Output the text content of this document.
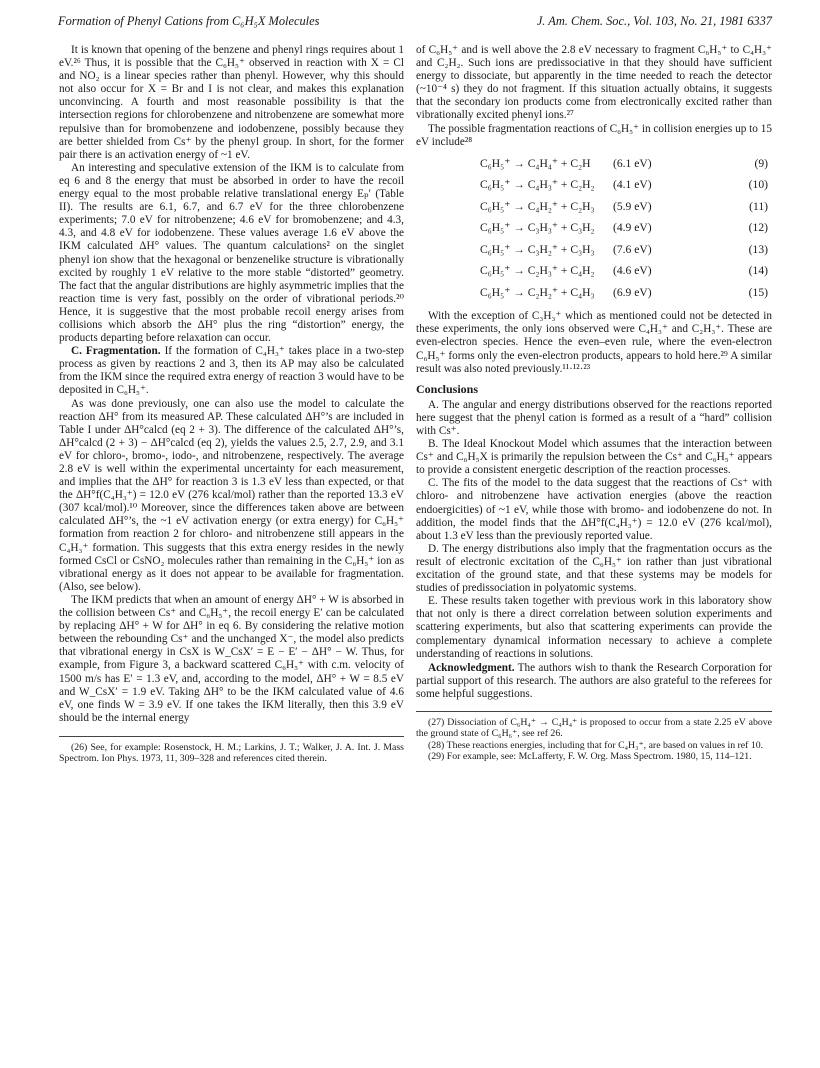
Formation of Phenyl Cations from C₆H₅X Molecules	J. Am. Chem. Soc., Vol. 103, No. 21, 1981 6337

It is known that opening of the benzene and phenyl rings requires about 1 eV.²⁶ Thus, it is possible that the C₆H₅⁺ observed in reaction with X = Cl and NO₂ is a linear species rather than phenyl. However, why this should not also occur for X = Br and I is not clear, and makes this explanation unconvincing. A fourth and most reasonable possibility is that the intersection regions for chlorobenzene and nitrobenzene are somewhat more repulsive than for bromobenzene and iodobenzene, possibly because they are better shielded from Cs⁺ by the phenyl group. In short, for the former pair there is an activation energy of ~1 eV.

An interesting and speculative extension of the IKM is to calculate from eq 6 and 8 the energy that must be absorbed in order to have the recoil energy equal to the most probable relative translational energy Eₚ′ (Table II). The results are 6.1, 6.7, and 6.7 eV for the three chlorobenzene experiments; 7.0 eV for nitrobenzene; 4.6 eV for bromobenzene; and 4.3, 4.3, and 4.8 eV for iodobenzene. These values average 1.6 eV above the IKM calculated ΔH° values. The quantum calculations² on the singlet phenyl ion show that the hexagonal or benzenelike structure is vibrationally excited by roughly 1 eV relative to the more stable “distorted” geometry. The fact that the angular distributions are highly asymmetric implies that the reaction time is very fast, possibly on the order of vibrational periods.²⁰ Hence, it is suggestive that the most probable recoil energy arises from collisions which absorb the ΔH° plus the ring “distortion” energy, the products departing before relaxation can occur.

C. Fragmentation. If the formation of C₄H₃⁺ takes place in a two-step process as given by reactions 2 and 3, then its AP may also be calculated from the IKM since the required extra energy of reaction 3 would have to be deposited in C₆H₅⁺.

As was done previously, one can also use the model to calculate the reaction ΔH° from its measured AP. These calculated ΔH°’s are included in Table I under ΔH°calcd (eq 2 + 3). The difference of the calculated ΔH°’s, ΔH°calcd (2 + 3) − ΔH°calcd (eq 2), yields the values 2.5, 2.7, 2.9, and 3.1 eV for chloro-, bromo-, iodo-, and nitrobenzene, respectively. The average 2.8 eV is well within the experimental uncertainty for each measurement, and implies that the ΔH° for reaction 3 is 1.3 eV less than expected, or that the ΔH°f(C₄H₃⁺) = 12.0 eV (276 kcal/mol) rather than the reported 13.3 eV (307 kcal/mol).¹⁰ Moreover, since the differences taken above are between calculated ΔH°’s, the ~1 eV activation energy (or extra energy) for C₆H₅⁺ formation from reaction 2 for chloro- and nitrobenzene still appears in the C₄H₃⁺ formation. This suggests that this extra energy resides in the newly formed CsCl or CsNO₂ molecules rather than remaining in the C₆H₅⁺ ion as vibrational energy as it does not appear to be available for fragmentation. (Also, see below).

The IKM predicts that when an amount of energy ΔH° + W is absorbed in the collision between Cs⁺ and C₆H₅⁺, the recoil energy E′ can be calculated by replacing ΔH° + W for ΔH° in eq 6. By considering the relative motion between the rebounding Cs⁺ and the unchanged X⁻, the model also predicts that vibrational energy in CsX is W_CsX′ = E − E′ − ΔH° − W. Thus, for example, from Figure 3, a backward scattered C₆H₅⁺ with c.m. velocity of 1500 m/s has E′ = 1.3 eV, and, according to the model, ΔH° + W = 8.5 eV and W_CsX′ = 1.9 eV. Taking ΔH° to be the IKM calculated value of 4.6 eV, one finds W = 3.9 eV. If one takes the IKM literally, then this 3.9 eV should be the internal energy

(26) See, for example: Rosenstock, H. M.; Larkins, J. T.; Walker, J. A. Int. J. Mass Spectrom. Ion Phys. 1973, 11, 309–328 and references cited therein.

of C₆H₅⁺ and is well above the 2.8 eV necessary to fragment C₆H₅⁺ to C₄H₃⁺ and C₂H₂. Such ions are predissociative in that they should have sufficient energy to dissociate, but apparently in the time needed to reach the detector (~10⁻⁴ s) they do not fragment. If this situation actually obtains, it suggests that the secondary ion products come from electronically excited rather than vibrationally excited phenyl ions.²⁷

The possible fragmentation reactions of C₆H₅⁺ in collision energies up to 15 eV include²⁸

C₆H₅⁺ → C₄H₄⁺ + C₂H (6.1 eV)	(9)
C₆H₅⁺ → C₄H₃⁺ + C₂H₂ (4.1 eV)	(10)
C₆H₅⁺ → C₄H₂⁺ + C₂H₃ (5.9 eV)	(11)
C₆H₅⁺ → C₃H₃⁺ + C₃H₂ (4.9 eV)	(12)
C₆H₅⁺ → C₃H₂⁺ + C₃H₃ (7.6 eV)	(13)
C₆H₅⁺ → C₂H₃⁺ + C₄H₂ (4.6 eV)	(14)
C₆H₅⁺ → C₂H₂⁺ + C₄H₃ (6.9 eV)	(15)

With the exception of C₃H₃⁺ which as mentioned could not be detected in these experiments, the only ions observed were C₄H₃⁺ and C₂H₃⁺. These are even-electron species. Hence the even–even rule, where the even-electron C₆H₅⁺ forms only the even-electron products, appears to hold here.²⁹ A similar result was also noted previously.¹¹·¹²·²³

Conclusions

A. The angular and energy distributions observed for the reactions reported here suggest that the phenyl cation is formed as a result of a “hard” collision with Cs⁺.

B. The Ideal Knockout Model which assumes that the interaction between Cs⁺ and C₆H₅X is primarily the repulsion between the Cs⁺ and C₆H₅⁺ appears to provide a consistent energetic description of the reaction processes.

C. The fits of the model to the data suggest that the reactions of Cs⁺ with chloro- and nitrobenzene have activation energies (above the reaction endoergicities) of ~1 eV, while those with bromo- and iodobenzene do not. In addition, the model finds that the ΔH°f(C₄H₃⁺) = 12.0 eV (276 kcal/mol), about 1.3 eV less than the previously reported value.

D. The energy distributions also imply that the fragmentation occurs as the result of electronic excitation of the C₆H₅⁺ ion rather than just vibrational excitation of the ground state, and that these systems may be models for studies of predissociation in polyatomic systems.

E. These results taken together with previous work in this laboratory show that not only is there a direct correlation between solution experiments and scattering experiments, but also that scattering experiments can provide the complementary dynamical information necessary to achieve a complete understanding of reactions in solutions.

Acknowledgment. The authors wish to thank the Research Corporation for partial support of this research. The authors are also grateful to the referees for some helpful suggestions.

(27) Dissociation of C₆H₄⁺ → C₄H₄⁺ is proposed to occur from a state 2.25 eV above the ground state of C₆H₆⁺, see ref 26.

(28) These reactions energies, including that for C₄H₃⁺, are based on values in ref 10.

(29) For example, see: McLafferty, F. W. Org. Mass Spectrom. 1980, 15, 114–121.
